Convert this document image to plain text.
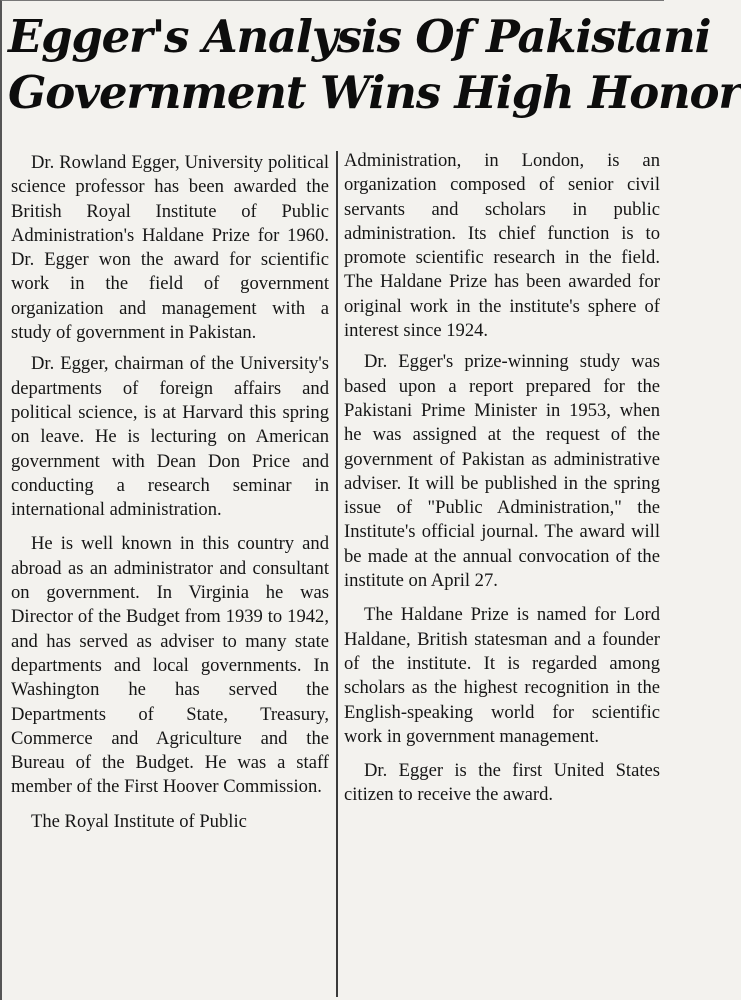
Egger's Analysis Of Pakistani
Government Wins High Honor

Dr. Rowland Egger, University political science professor has been awarded the British Royal Institute of Public Administration's Haldane Prize for 1960. Dr. Egger won the award for scientific work in the field of government organization and management with a study of government in Pakistan.

Dr. Egger, chairman of the University's departments of foreign affairs and political science, is at Harvard this spring on leave. He is lecturing on American government with Dean Don Price and conducting a research seminar in international administration.

He is well known in this country and abroad as an administrator and consultant on government. In Virginia he was Director of the Budget from 1939 to 1942, and has served as adviser to many state departments and local governments. In Washington he has served the Departments of State, Treasury, Commerce and Agriculture and the Bureau of the Budget. He was a staff member of the First Hoover Commission.

The Royal Institute of Public

Administration, in London, is an organization composed of senior civil servants and scholars in public administration. Its chief function is to promote scientific research in the field. The Haldane Prize has been awarded for original work in the institute's sphere of interest since 1924.

Dr. Egger's prize-winning study was based upon a report prepared for the Pakistani Prime Minister in 1953, when he was assigned at the request of the government of Pakistan as administrative adviser. It will be published in the spring issue of "Public Administration," the Institute's official journal. The award will be made at the annual convocation of the institute on April 27.

The Haldane Prize is named for Lord Haldane, British statesman and a founder of the institute. It is regarded among scholars as the highest recognition in the English-speaking world for scientific work in government management.

Dr. Egger is the first United States citizen to receive the award.
